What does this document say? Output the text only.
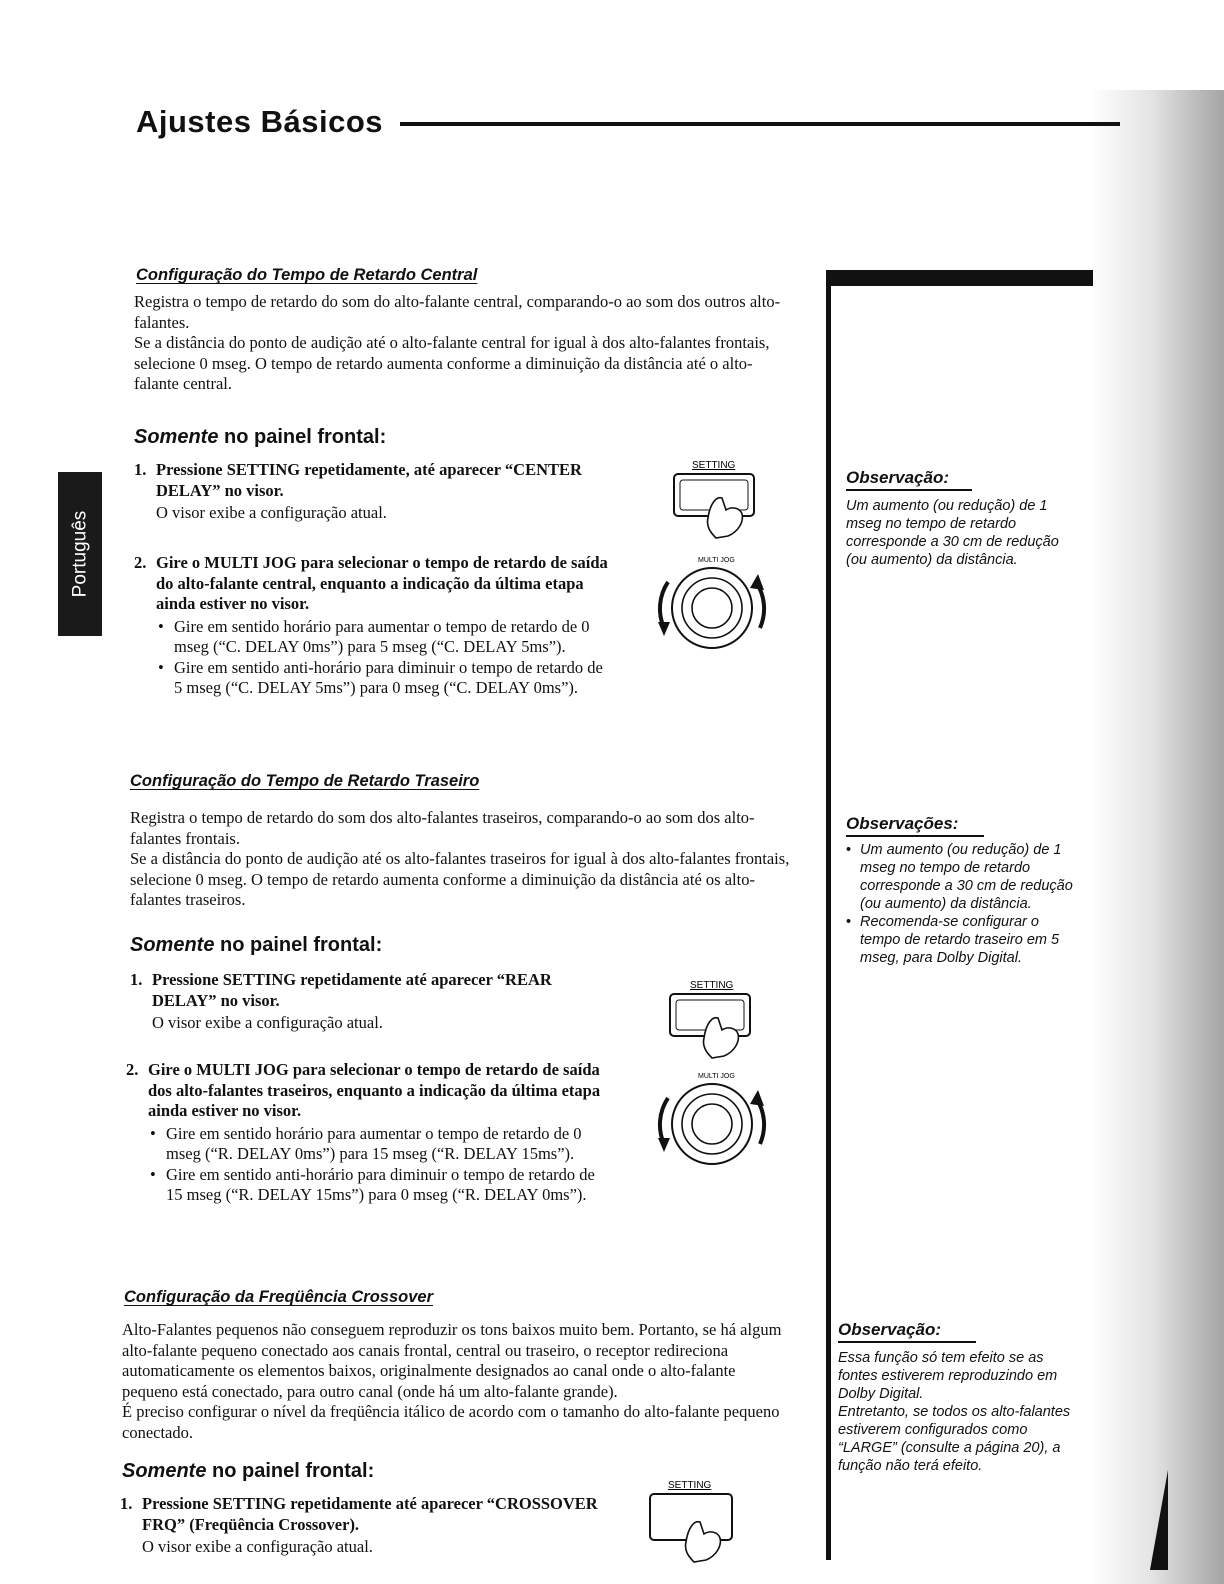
Ajustes Básicos
Português
Configuração do Tempo de Retardo Central
Registra o tempo de retardo do som do alto-falante central, comparando-o ao som dos outros alto-falantes.
Se a distância do ponto de audição até o alto-falante central for igual à dos alto-falantes frontais, selecione 0 mseg. O tempo de retardo aumenta conforme a diminuição da distância até o alto-falante central.
Somente no painel frontal:
1. Pressione SETTING repetidamente, até aparecer “CENTER DELAY” no visor.
O visor exibe a configuração atual.
2. Gire o MULTI JOG para selecionar o tempo de retardo de saída do alto-falante central, enquanto a indicação da última etapa ainda estiver no visor.
• Gire em sentido horário para aumentar o tempo de retardo de 0 mseg (“C. DELAY 0ms”) para 5 mseg (“C. DELAY 5ms”).
• Gire em sentido anti-horário para diminuir o tempo de retardo de 5 mseg (“C. DELAY 5ms”) para 0 mseg (“C. DELAY 0ms”).
SETTING
MULTI JOG
Configuração do Tempo de Retardo Traseiro
Registra o tempo de retardo do som dos alto-falantes traseiros, comparando-o ao som dos alto-falantes frontais.
Se a distância do ponto de audição até os alto-falantes traseiros for igual à dos alto-falantes frontais, selecione 0 mseg. O tempo de retardo aumenta conforme a diminuição da distância até os alto-falantes traseiros.
Somente no painel frontal:
1. Pressione SETTING repetidamente até aparecer “REAR DELAY” no visor.
O visor exibe a configuração atual.
2. Gire o MULTI JOG para selecionar o tempo de retardo de saída dos alto-falantes traseiros, enquanto a indicação da última etapa ainda estiver no visor.
• Gire em sentido horário para aumentar o tempo de retardo de 0 mseg (“R. DELAY 0ms”) para 15 mseg (“R. DELAY 15ms”).
• Gire em sentido anti-horário para diminuir o tempo de retardo de 15 mseg (“R. DELAY 15ms”) para 0 mseg (“R. DELAY 0ms”).
SETTING
MULTI JOG
Configuração da Freqüência Crossover
Alto-Falantes pequenos não conseguem reproduzir os tons baixos muito bem. Portanto, se há algum alto-falante pequeno conectado aos canais frontal, central ou traseiro, o receptor redireciona automaticamente os elementos baixos, originalmente designados ao canal onde o alto-falante pequeno está conectado, para outro canal (onde há um alto-falante grande).
É preciso configurar o nível da freqüência itálico de acordo com o tamanho do alto-falante pequeno conectado.
Somente no painel frontal:
1. Pressione SETTING repetidamente até aparecer “CROSSOVER FRQ” (Freqüência Crossover).
O visor exibe a configuração atual.
SETTING
Observação:
Um aumento (ou redução) de 1 mseg no tempo de retardo corresponde a 30 cm de redução (ou aumento) da distância.
Observações:
• Um aumento (ou redução) de 1 mseg no tempo de retardo corresponde a 30 cm de redução (ou aumento) da distância.
• Recomenda-se configurar o tempo de retardo traseiro em 5 mseg, para Dolby Digital.
Observação:
Essa função só tem efeito se as fontes estiverem reproduzindo em Dolby Digital.
Entretanto, se todos os alto-falantes estiverem configurados como “LARGE” (consulte a página 20), a função não terá efeito.
